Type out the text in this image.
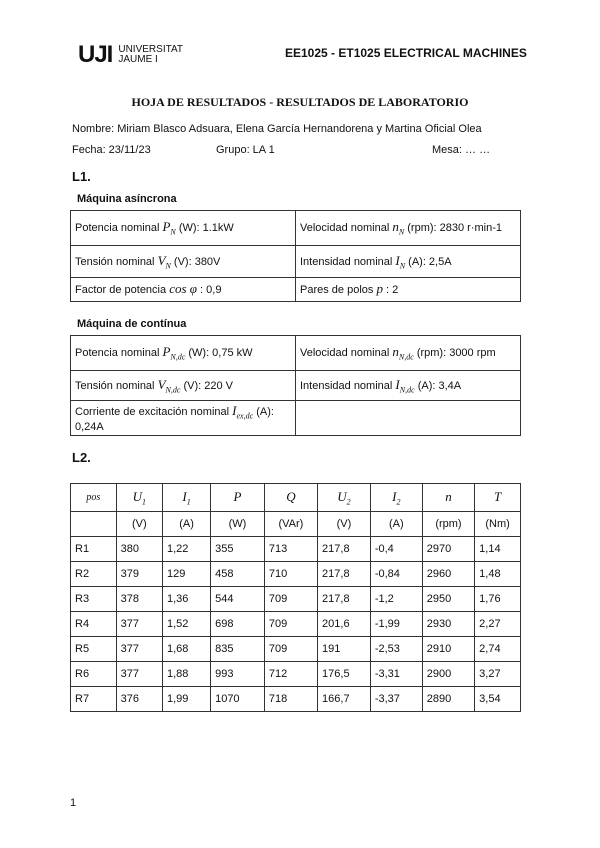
UJI UNIVERSITAT
JAUME I	EE1025 - ET1025 ELECTRICAL MACHINES
HOJA DE RESULTADOS - RESULTADOS DE LABORATORIO
Nombre: Miriam Blasco Adsuara, Elena García Hernandorena y Martina Oficial Olea
Fecha: 23/11/23	Grupo: LA 1	Mesa: … …
L1.
Máquina asíncrona
Potencia nominal $P_N$ (W): 1.1kW	Velocidad nominal $n_N$ (rpm): 2830 r·min-1
Tensión nominal $V_N$ (V): 380V	Intensidad nominal $I_N$ (A): 2,5A
Factor de potencia cos φ : 0,9	Pares de polos p : 2
Máquina de contínua
Potencia nominal $P_{N,dc}$ (W): 0,75 kW	Velocidad nominal $n_{N,dc}$ (rpm): 3000 rpm
Tensión nominal $V_{N,dc}$ (V): 220 V	Intensidad nominal $I_{N,dc}$ (A): 3,4A
Corriente de excitación nominal $I_{ex,dc}$ (A): 0,24A	
L2.
pos	$U_1$	$I_1$	P	Q	$U_2$	$I_2$	n	T
	(V)	(A)	(W)	(VAr)	(V)	(A)	(rpm)	(Nm)
R1	380	1,22	355	713	217,8	-0,4	2970	1,14
R2	379	129	458	710	217,8	-0,84	2960	1,48
R3	378	1,36	544	709	217,8	-1,2	2950	1,76
R4	377	1,52	698	709	201,6	-1,99	2930	2,27
R5	377	1,68	835	709	191	-2,53	2910	2,74
R6	377	1,88	993	712	176,5	-3,31	2900	3,27
R7	376	1,99	1070	718	166,7	-3,37	2890	3,54
1
